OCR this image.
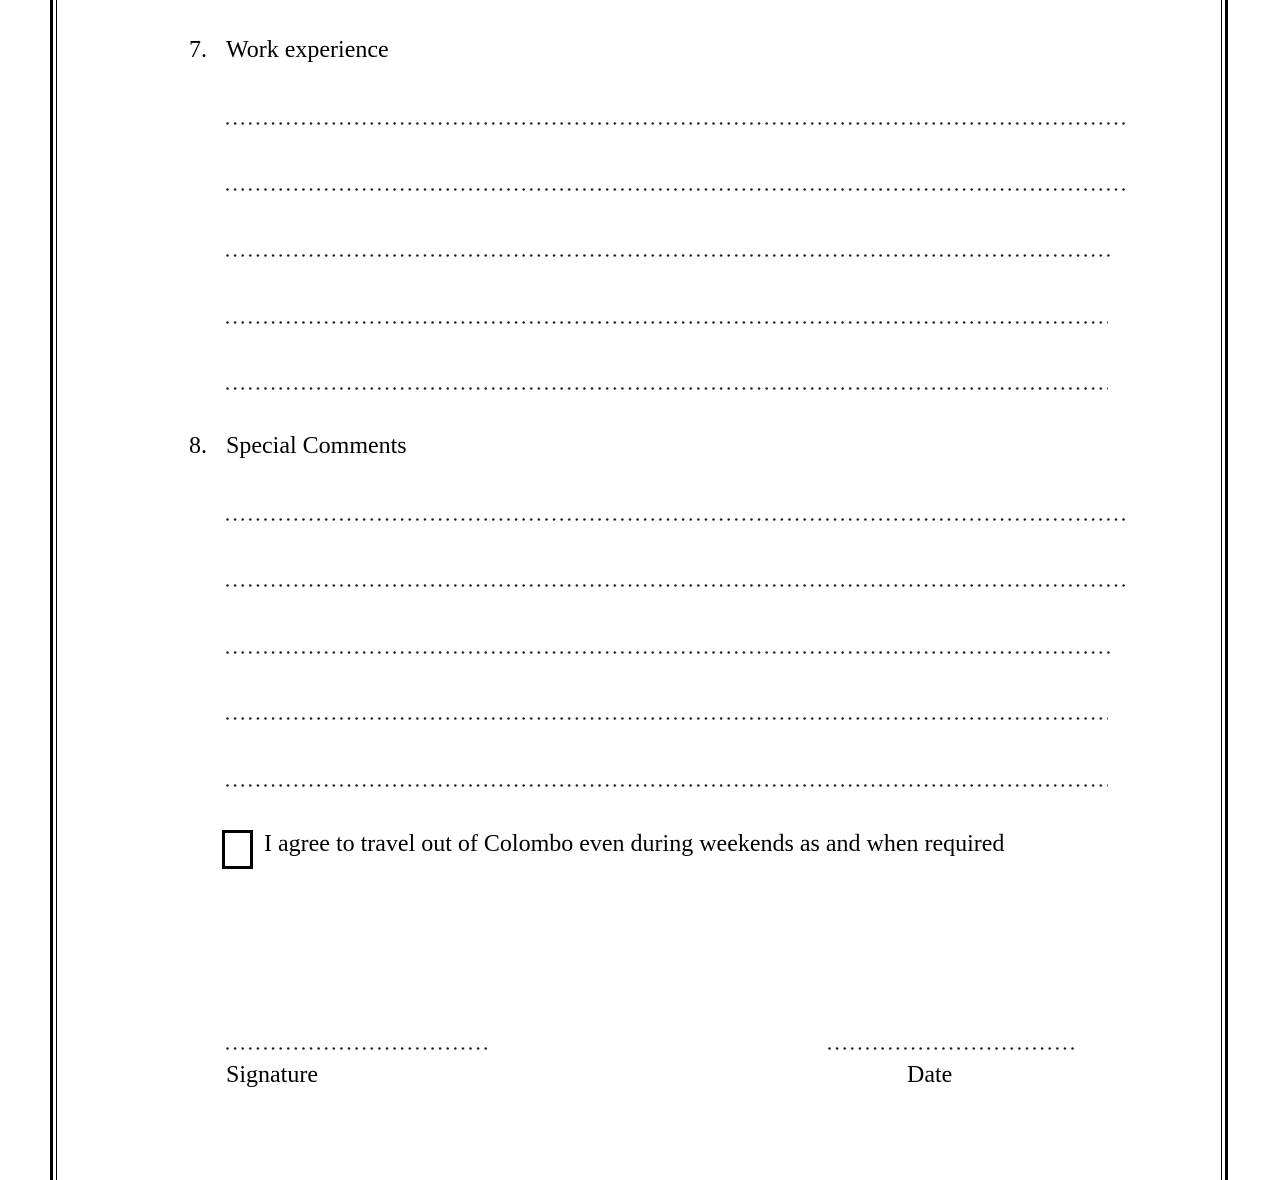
7. Work experience
8. Special Comments
I agree to travel out of Colombo even during weekends as and when required
Signature	Date
